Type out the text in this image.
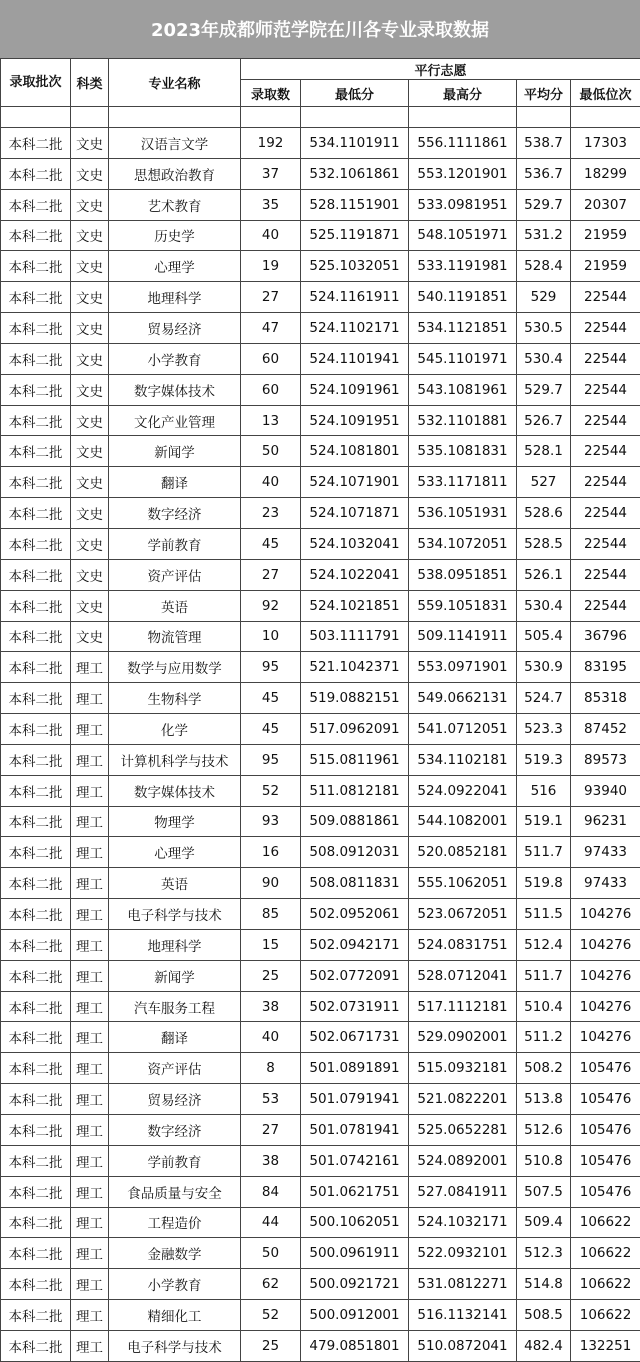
2023年成都师范学院在川各专业录取数据
录取批次	科类	专业名称	平行志愿				
			录取数	最低分	最高分	平均分	最低位次

本科二批	文史	汉语言文学	192	534.1101911	556.1111861	538.7	17303
本科二批	文史	思想政治教育	37	532.1061861	553.1201901	536.7	18299
本科二批	文史	艺术教育	35	528.1151901	533.0981951	529.7	20307
本科二批	文史	历史学	40	525.1191871	548.1051971	531.2	21959
本科二批	文史	心理学	19	525.1032051	533.1191981	528.4	21959
本科二批	文史	地理科学	27	524.1161911	540.1191851	529	22544
本科二批	文史	贸易经济	47	524.1102171	534.1121851	530.5	22544
本科二批	文史	小学教育	60	524.1101941	545.1101971	530.4	22544
本科二批	文史	数字媒体技术	60	524.1091961	543.1081961	529.7	22544
本科二批	文史	文化产业管理	13	524.1091951	532.1101881	526.7	22544
本科二批	文史	新闻学	50	524.1081801	535.1081831	528.1	22544
本科二批	文史	翻译	40	524.1071901	533.1171811	527	22544
本科二批	文史	数字经济	23	524.1071871	536.1051931	528.6	22544
本科二批	文史	学前教育	45	524.1032041	534.1072051	528.5	22544
本科二批	文史	资产评估	27	524.1022041	538.0951851	526.1	22544
本科二批	文史	英语	92	524.1021851	559.1051831	530.4	22544
本科二批	文史	物流管理	10	503.1111791	509.1141911	505.4	36796
本科二批	理工	数学与应用数学	95	521.1042371	553.0971901	530.9	83195
本科二批	理工	生物科学	45	519.0882151	549.0662131	524.7	85318
本科二批	理工	化学	45	517.0962091	541.0712051	523.3	87452
本科二批	理工	计算机科学与技术	95	515.0811961	534.1102181	519.3	89573
本科二批	理工	数字媒体技术	52	511.0812181	524.0922041	516	93940
本科二批	理工	物理学	93	509.0881861	544.1082001	519.1	96231
本科二批	理工	心理学	16	508.0912031	520.0852181	511.7	97433
本科二批	理工	英语	90	508.0811831	555.1062051	519.8	97433
本科二批	理工	电子科学与技术	85	502.0952061	523.0672051	511.5	104276
本科二批	理工	地理科学	15	502.0942171	524.0831751	512.4	104276
本科二批	理工	新闻学	25	502.0772091	528.0712041	511.7	104276
本科二批	理工	汽车服务工程	38	502.0731911	517.1112181	510.4	104276
本科二批	理工	翻译	40	502.0671731	529.0902001	511.2	104276
本科二批	理工	资产评估	8	501.0891891	515.0932181	508.2	105476
本科二批	理工	贸易经济	53	501.0791941	521.0822201	513.8	105476
本科二批	理工	数字经济	27	501.0781941	525.0652281	512.6	105476
本科二批	理工	学前教育	38	501.0742161	524.0892001	510.8	105476
本科二批	理工	食品质量与安全	84	501.0621751	527.0841911	507.5	105476
本科二批	理工	工程造价	44	500.1062051	524.1032171	509.4	106622
本科二批	理工	金融数学	50	500.0961911	522.0932101	512.3	106622
本科二批	理工	小学教育	62	500.0921721	531.0812271	514.8	106622
本科二批	理工	精细化工	52	500.0912001	516.1132141	508.5	106622
本科二批	理工	电子科学与技术	25	479.0851801	510.0872041	482.4	132251
